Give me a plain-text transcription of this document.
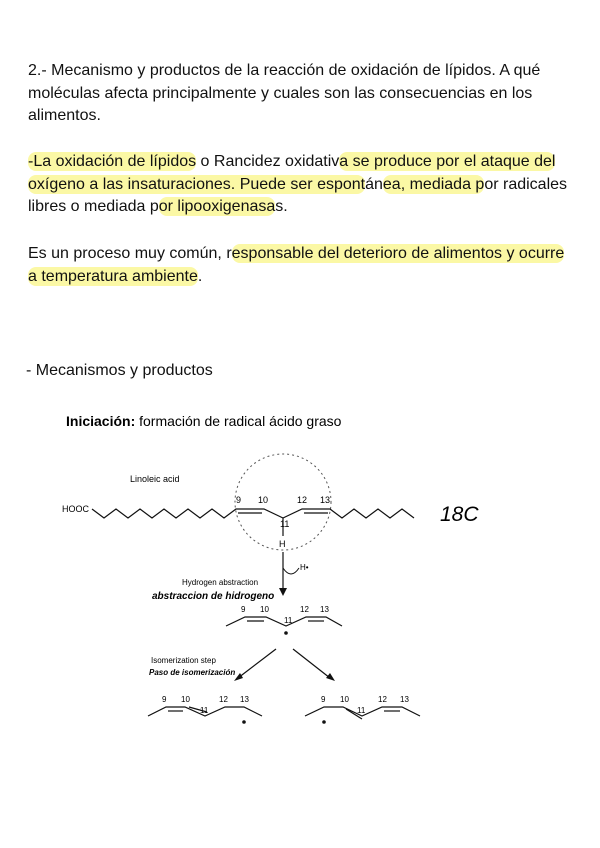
2.- Mecanismo y productos de la reacción de oxidación de lípidos. A qué moléculas afecta principalmente y cuales son las consecuencias en los alimentos.
-La oxidación de lípidos o Rancidez oxidativa se produce por el ataque del oxígeno a las insaturaciones. Puede ser espontánea, mediada por radicales libres o mediada por lipooxigenasas.
Es un proceso muy común, responsable del deterioro de alimentos y ocurre a temperatura ambiente.
- Mecanismos y productos
Iniciación: formación de radical ácido graso
Linoleic acid
HOOC
9 10
11
12 13
H
18C
H•
Hydrogen abstraction
abstraccion de hidrogeno
9 10
11
12 13
Isomerization step
Paso de isomerización
9 10
11
12 13	9 10
11
12 13
